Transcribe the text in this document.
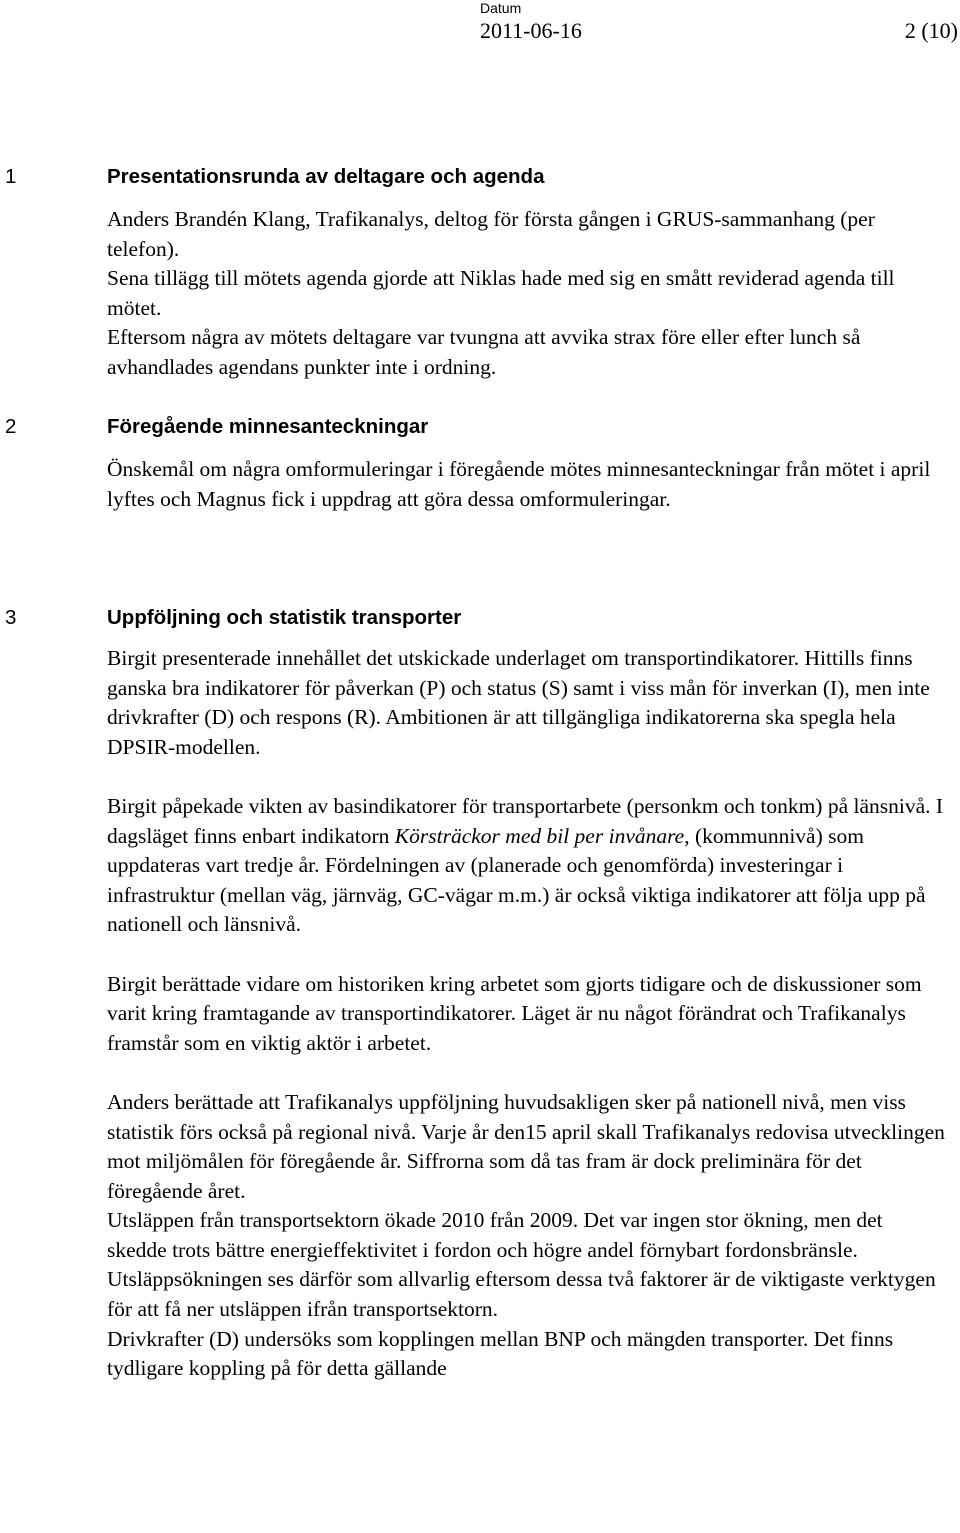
Datum
2011-06-16	2 (10)
1	Presentationsrunda av deltagare och agenda

Anders Brandén Klang, Trafikanalys, deltog för första gången i GRUS-sammanhang (per telefon).

Sena tillägg till mötets agenda gjorde att Niklas hade med sig en smått reviderad agenda till mötet.

Eftersom några av mötets deltagare var tvungna att avvika strax före eller efter lunch så avhandlades agendans punkter inte i ordning.

2	Föregående minnesanteckningar

Önskemål om några omformuleringar i föregående mötes minnesanteckningar från mötet i april lyftes och Magnus fick i uppdrag att göra dessa omformuleringar.

3	Uppföljning och statistik transporter

Birgit presenterade innehållet det utskickade underlaget om transportindikatorer. Hittills finns ganska bra indikatorer för påverkan (P) och status (S) samt i viss mån för inverkan (I), men inte drivkrafter (D) och respons (R). Ambitionen är att tillgängliga indikatorerna ska spegla hela DPSIR-modellen.

Birgit påpekade vikten av basindikatorer för transportarbete (personkm och tonkm) på länsnivå. I dagsläget finns enbart indikatorn Körsträckor med bil per invånare, (kommunnivå) som uppdateras vart tredje år. Fördelningen av (planerade och genomförda) investeringar i infrastruktur (mellan väg, järnväg, GC-vägar m.m.) är också viktiga indikatorer att följa upp på nationell och länsnivå.

Birgit berättade vidare om historiken kring arbetet som gjorts tidigare och de diskussioner som varit kring framtagande av transportindikatorer. Läget är nu något förändrat och Trafikanalys framstår som en viktig aktör i arbetet.

Anders berättade att Trafikanalys uppföljning huvudsakligen sker på nationell nivå, men viss statistik förs också på regional nivå. Varje år den15 april skall Trafikanalys redovisa utvecklingen mot miljömålen för föregående år. Siffrorna som då tas fram är dock preliminära för det föregående året.

Utsläppen från transportsektorn ökade 2010 från 2009. Det var ingen stor ökning, men det skedde trots bättre energieffektivitet i fordon och högre andel förnybart fordonsbränsle. Utsläppsökningen ses därför som allvarlig eftersom dessa två faktorer är de viktigaste verktygen för att få ner utsläppen ifrån transportsektorn.

Drivkrafter (D) undersöks som kopplingen mellan BNP och mängden transporter. Det finns tydligare koppling på för detta gällande
